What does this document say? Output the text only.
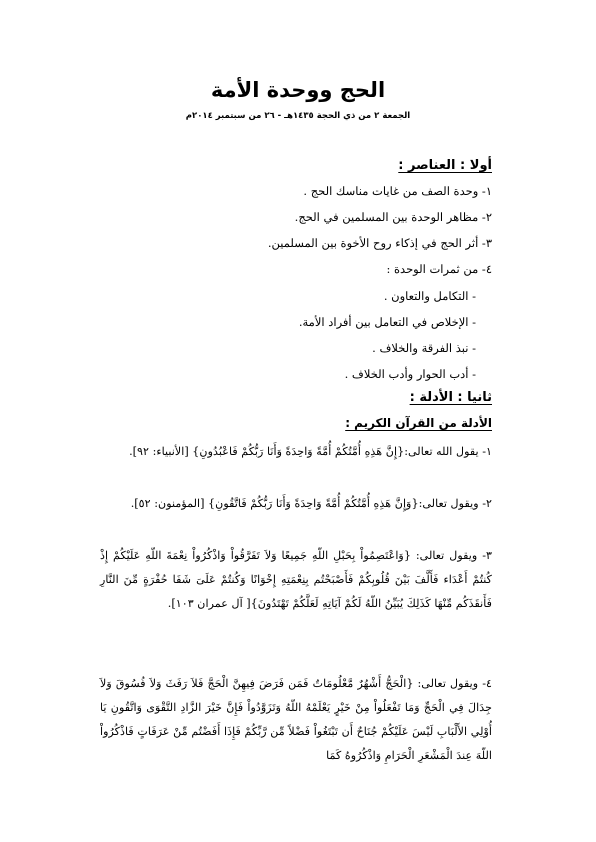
الحج ووحدة الأمة
الجمعة ٢ من ذي الحجة ١٤٣٥هـ - ٢٦ من سبتمبر ٢٠١٤م
أولا : العناصر :
١- وحدة الصف من غايات مناسك الحج .
٢- مظاهر الوحدة بين المسلمين في الحج.
٣- أثر الحج في إذكاء روح الأخوة بين المسلمين.
٤- من ثمرات الوحدة :
- التكامل والتعاون .
- الإخلاص في التعامل بين أفراد الأمة.
- نبذ الفرقة والخلاف .
- أدب الحوار وأدب الخلاف .
ثانيا : الأدلة :
الأدلة من القرآن الكريم :
١- يقول الله تعالى:{إِنَّ هَذِهِ أُمَّتُكُمْ أُمَّةً وَاحِدَةً وَأَنَا رَبُّكُمْ فَاعْبُدُونِ} [الأنبياء: ٩٢].
٢- ويقول تعالى:{وَإِنَّ هَذِهِ أُمَّتُكُمْ أُمَّةً وَاحِدَةً وَأَنَا رَبُّكُمْ فَاتَّقُونِ} [المؤمنون: ٥٢].
٣- ويقول تعالى: {وَاعْتَصِمُواْ بِحَبْلِ اللّهِ جَمِيعًا وَلاَ تَفَرَّقُواْ وَاذْكُرُواْ نِعْمَةَ اللّهِ عَلَيْكُمْ إِذْ كُنتُمْ أَعْدَاء فَأَلَّفَ بَيْنَ قُلُوبِكُمْ فَأَصْبَحْتُم بِنِعْمَتِهِ إِخْوَانًا وَكُنتُمْ عَلَىَ شَفَا حُفْرَةٍ مِّنَ النَّارِ فَأَنقَذَكُم مِّنْهَا كَذَلِكَ يُبَيِّنُ اللّهُ لَكُمْ آيَاتِهِ لَعَلَّكُمْ تَهْتَدُونَ}[ آل عمران ١٠٣].
٤- ويقول تعالى: {الْحَجُّ أَشْهُرٌ مَّعْلُومَاتٌ فَمَن فَرَضَ فِيهِنَّ الْحَجَّ فَلاَ رَفَثَ وَلاَ فُسُوقَ وَلاَ جِدَالَ فِي الْحَجِّ وَمَا تَفْعَلُواْ مِنْ خَيْرٍ يَعْلَمْهُ اللّهُ وَتَزَوَّدُواْ فَإِنَّ خَيْرَ الزَّادِ التَّقْوَى وَاتَّقُونِ يَا أُوْلِي الأَلْبَابِ لَيْسَ عَلَيْكُمْ جُنَاحٌ أَن تَبْتَغُواْ فَضْلاً مِّن رَّبِّكُمْ فَإِذَا أَفَضْتُم مِّنْ عَرَفَاتٍ فَاذْكُرُواْ اللّهَ عِندَ الْمَشْعَرِ الْحَرَامِ وَاذْكُرُوهُ كَمَا
